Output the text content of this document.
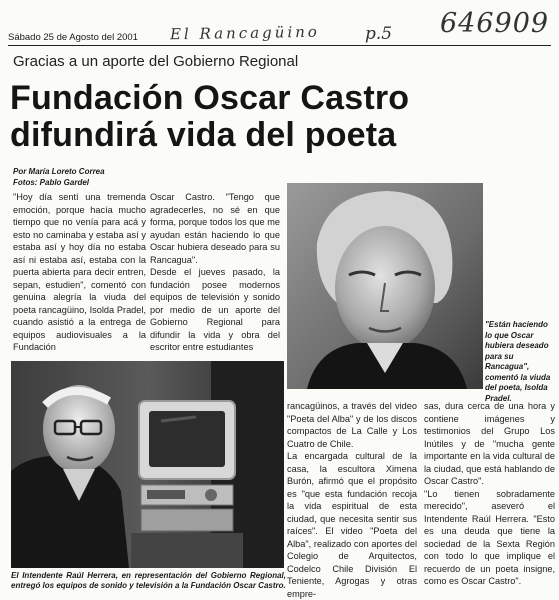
Sábado 25 de Agosto del 2001 El Rancagüino	p.5 646909
Gracias a un aporte del Gobierno Regional
Fundación Oscar Castro
difundirá vida del poeta
Por María Loreto Correa
Fotos: Pablo Gardel

"Hoy día sentí una tremenda emoción, porque hacía mucho tiempo que no venía para acá y esto no caminaba y estaba así y estaba así y hoy día no estaba así ni estaba así, estaba con la puerta abierta para decir entren, sepan, estudien", comentó con genuina alegría la viuda del poeta rancagüino, Isolda Pradel, cuando asistió a la entrega de equipos audiovisuales a la Fundación

Oscar Castro. "Tengo que agradecerles, no sé en que forma, porque todos los que me ayudan están haciendo lo que Oscar hubiera deseado para su Rancagua".

Desde el jueves pasado, la fundación posee modernos equipos de televisión y sonido por medio de un aporte del Gobierno Regional para difundir la vida y obra del escritor entre estudiantes

rancagüinos, a través del video "Poeta del Alba" y de los discos compactos de La Calle y Los Cuatro de Chile.

La encargada cultural de la casa, la escultora Ximena Burón, afirmó que el propósito es "que esta fundación recoja la vida espiritual de esta ciudad, que necesita sentir sus raíces". El video "Poeta del Alba", realizado con aportes del Colegio de Arquitectos, Codelco Chile División El Teniente, Agrogas y otras empre-

sas, dura cerca de una hora y contiene imágenes y testimonios del Grupo Los Inútiles y de "mucha gente importante en la vida cultural de la ciudad, que está hablando de Oscar Castro".

"Lo tienen sobradamente merecido", aseveró el Intendente Raúl Herrera. "Esto es una deuda que tiene la sociedad de la Sexta Región con todo lo que implique el recuerdo de un poeta insigne, como es Oscar Castro".

"Están haciendo lo que Oscar hubiera deseado para su Rancagua", comentó la viuda del poeta, Isolda Pradel.
El Intendente Raúl Herrera, en representación del Gobierno Regional, entregó los equipos de sonido y televisión a la Fundación Oscar Castro.
